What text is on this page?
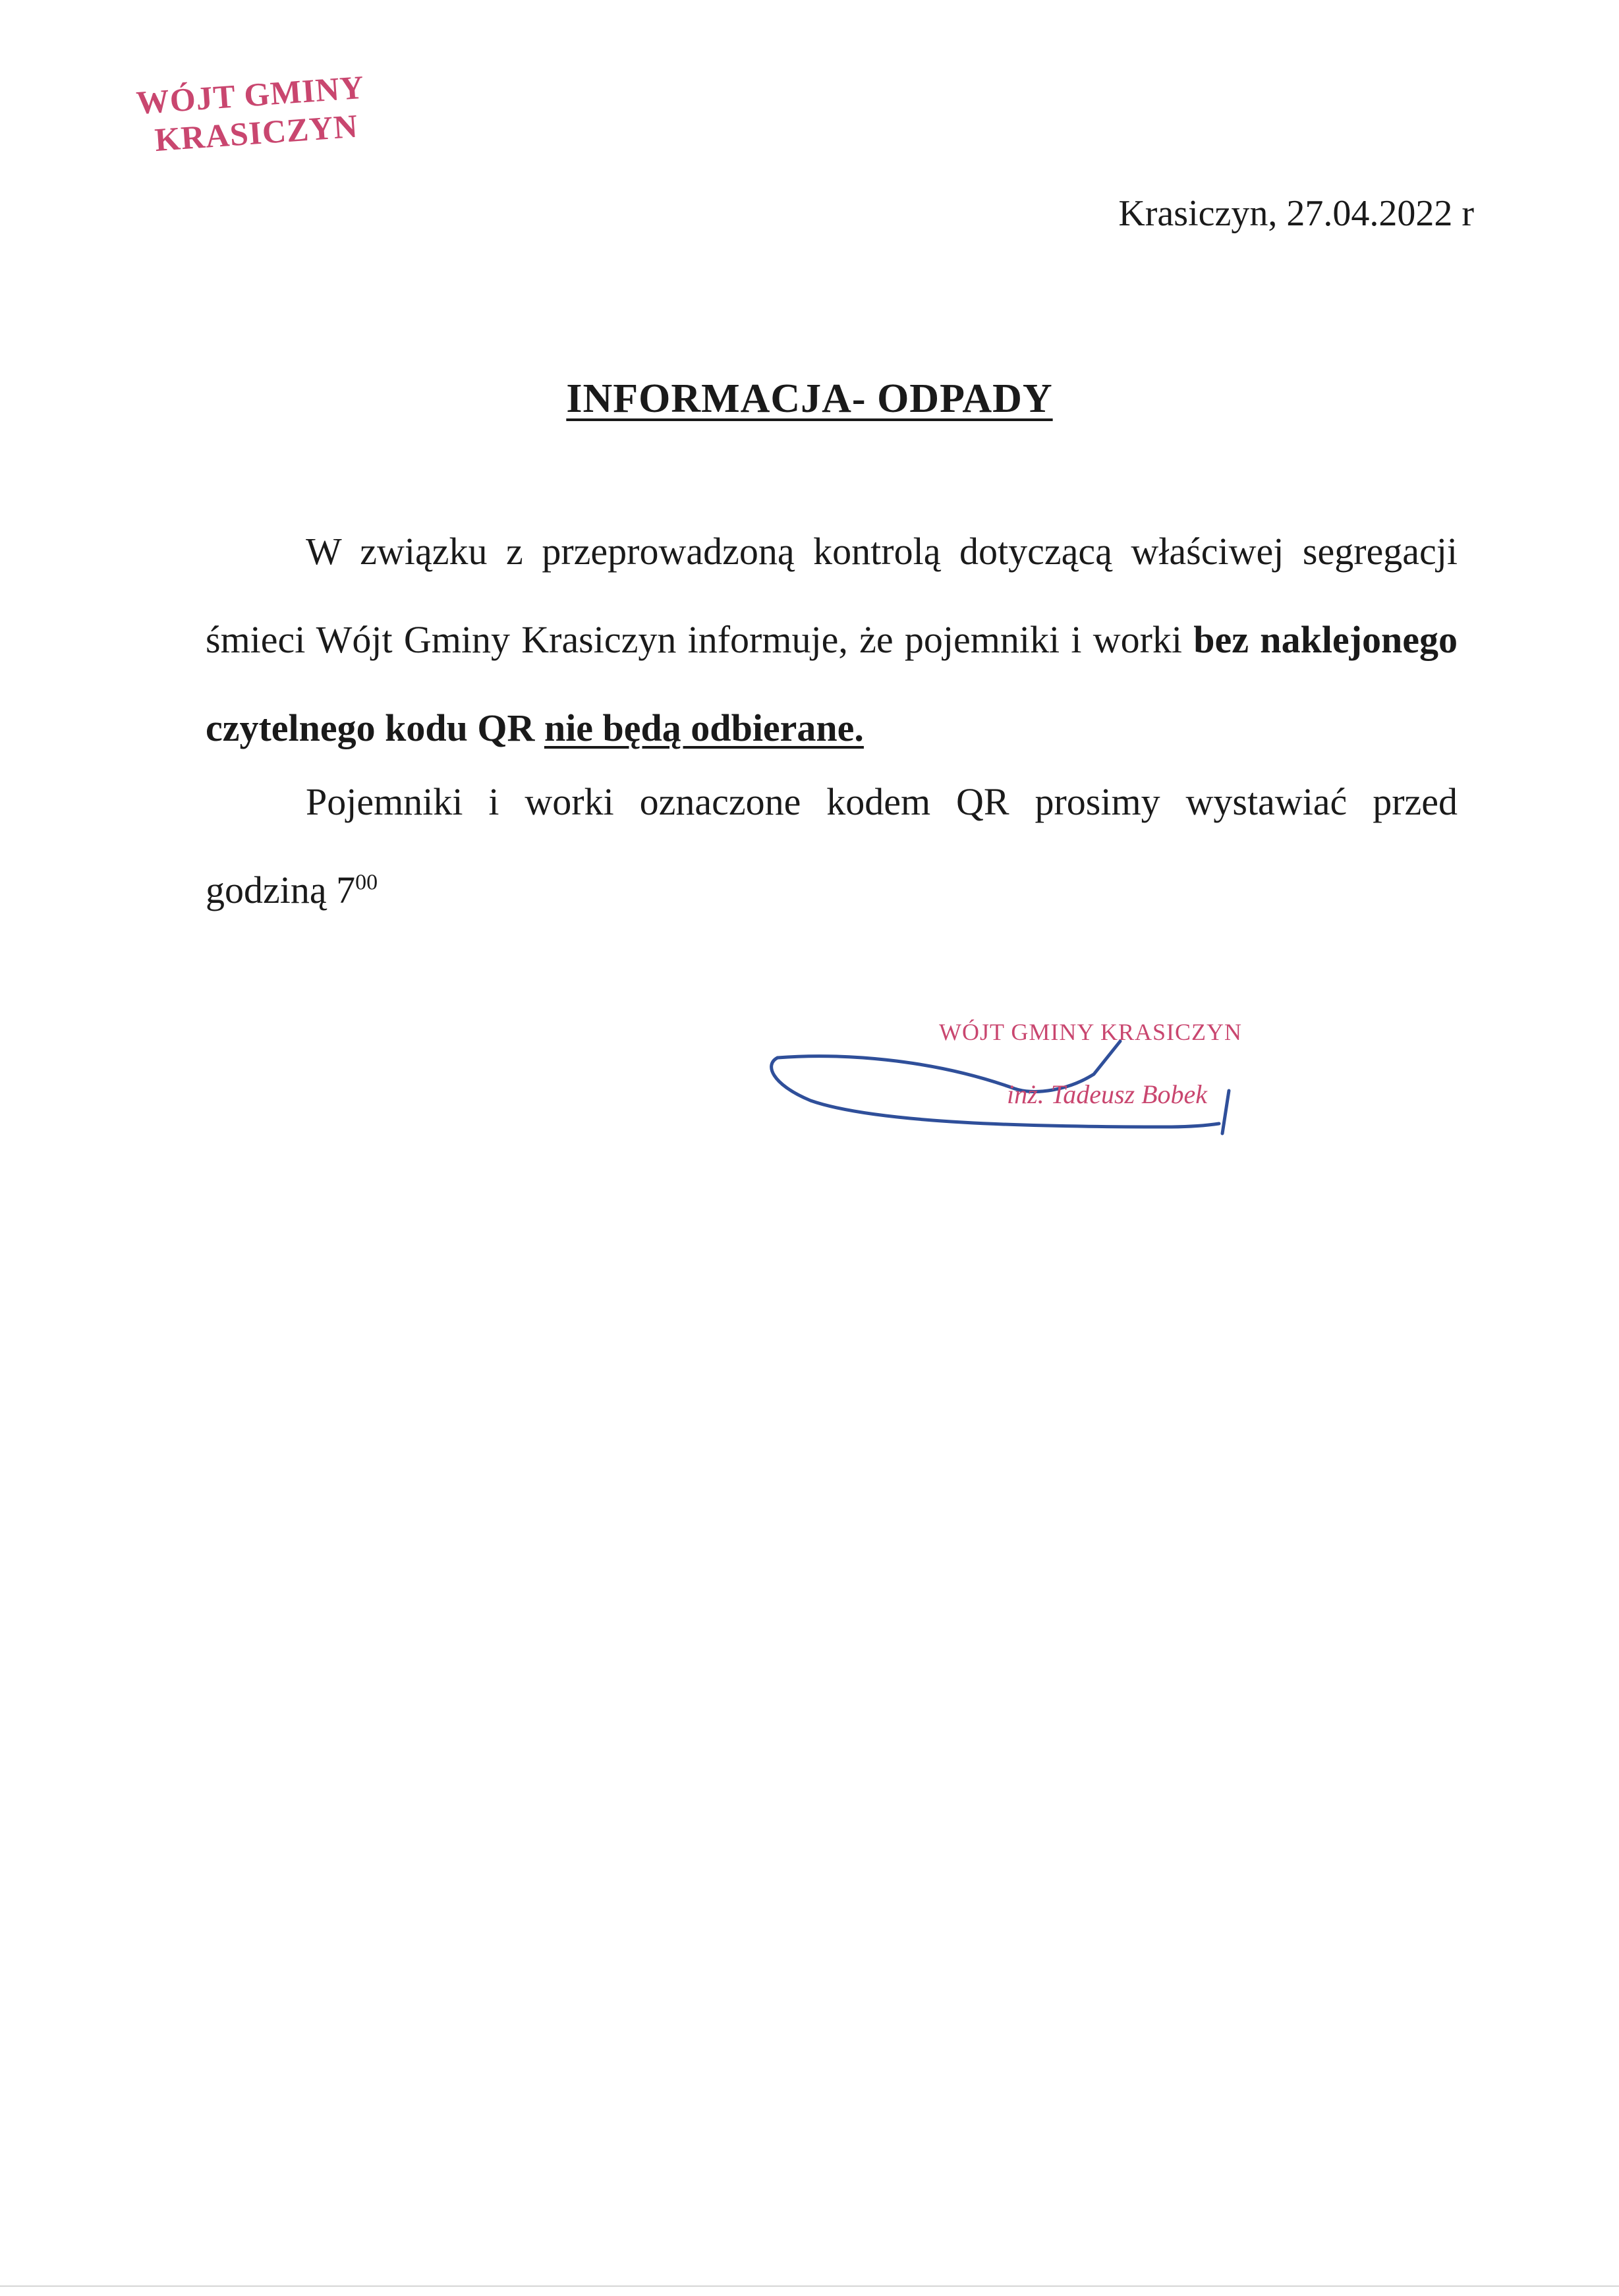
WÓJT GMINY
KRASICZYN
Krasiczyn, 27.04.2022 r
INFORMACJA- ODPADY
W związku z przeprowadzoną kontrolą dotyczącą właściwej segregacji śmieci Wójt Gminy Krasiczyn informuje, że pojemniki i worki bez naklejonego czytelnego kodu QR nie będą odbierane.
Pojemniki i worki oznaczone kodem QR prosimy wystawiać przed godziną $7^{00}$
WÓJT GMINY KRASICZYN
inż. Tadeusz Bobek
